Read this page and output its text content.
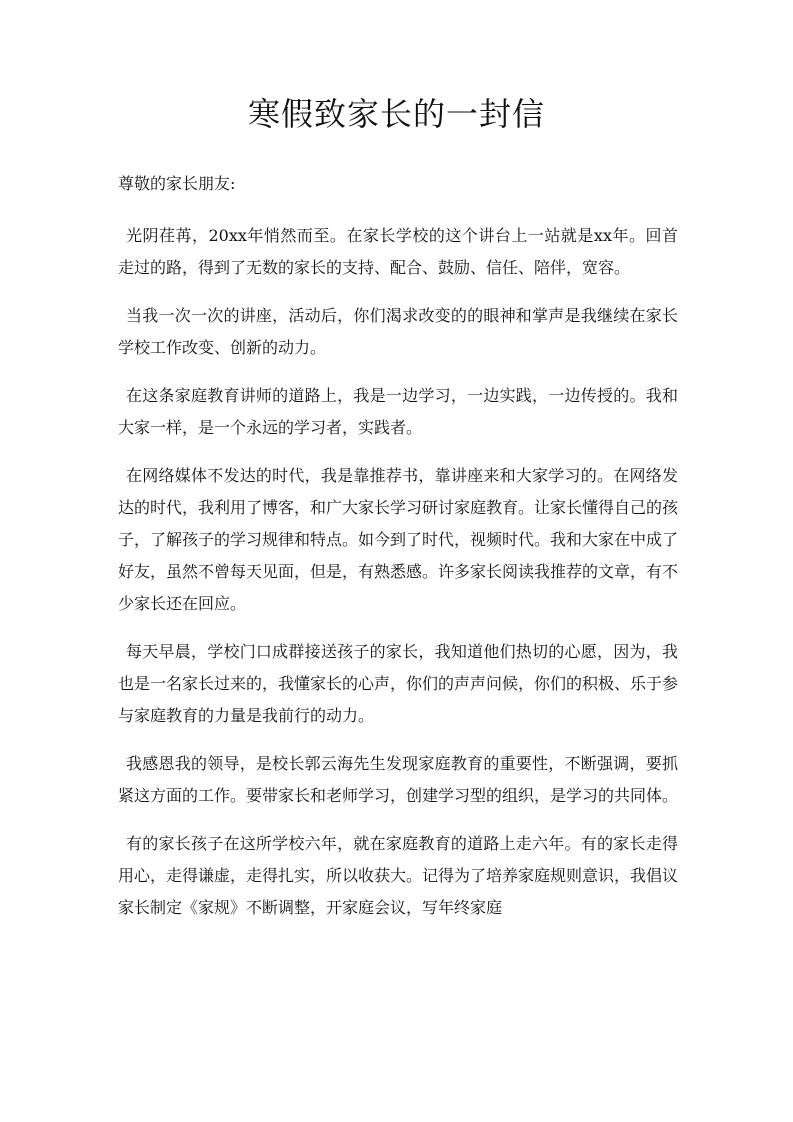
寒假致家长的一封信

尊敬的家长朋友:

光阴荏苒，20xx年悄然而至。在家长学校的这个讲台上一站就是xx年。回首走过的路，得到了无数的家长的支持、配合、鼓励、信任、陪伴，宽容。

当我一次一次的讲座，活动后，你们渴求改变的的眼神和掌声是我继续在家长学校工作改变、创新的动力。

在这条家庭教育讲师的道路上，我是一边学习，一边实践，一边传授的。我和大家一样，是一个永远的学习者，实践者。

在网络媒体不发达的时代，我是靠推荐书，靠讲座来和大家学习的。在网络发达的时代，我利用了博客，和广大家长学习研讨家庭教育。让家长懂得自己的孩子，了解孩子的学习规律和特点。如今到了时代，视频时代。我和大家在中成了好友，虽然不曾每天见面，但是，有熟悉感。许多家长阅读我推荐的文章，有不少家长还在回应。

每天早晨，学校门口成群接送孩子的家长，我知道他们热切的心愿，因为，我也是一名家长过来的，我懂家长的心声，你们的声声问候，你们的积极、乐于参与家庭教育的力量是我前行的动力。

我感恩我的领导，是校长郭云海先生发现家庭教育的重要性，不断强调，要抓紧这方面的工作。要带家长和老师学习，创建学习型的组织，是学习的共同体。

有的家长孩子在这所学校六年，就在家庭教育的道路上走六年。有的家长走得用心，走得谦虚，走得扎实，所以收获大。记得为了培养家庭规则意识，我倡议家长制定《家规》不断调整，开家庭会议，写年终家庭
